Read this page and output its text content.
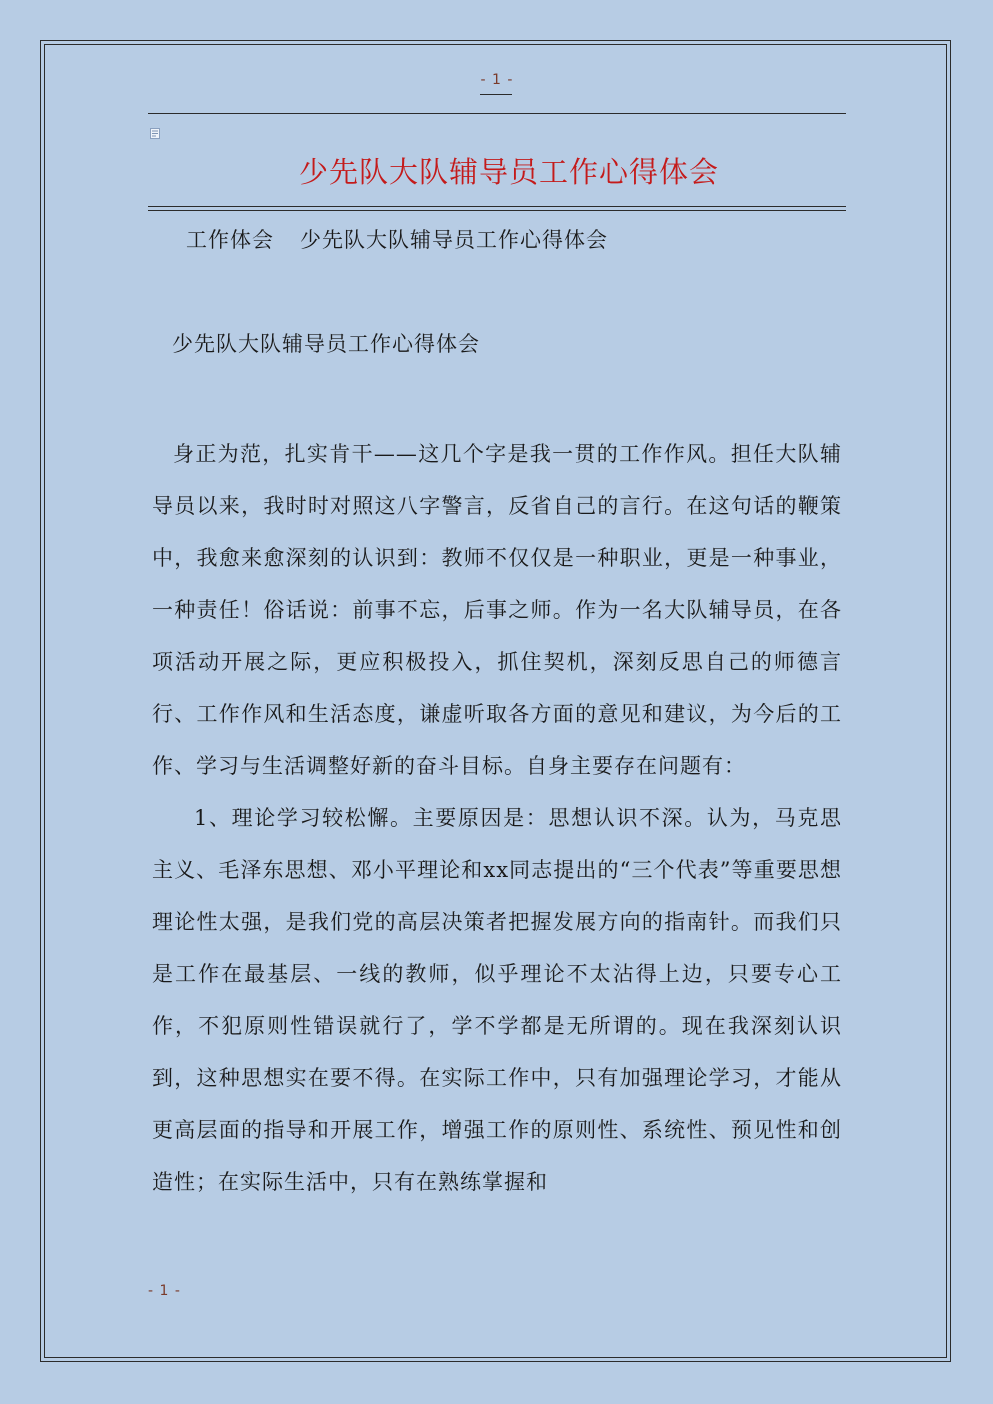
- 1 -
少先队大队辅导员工作心得体会
工作体会 少先队大队辅导员工作心得体会
少先队大队辅导员工作心得体会

身正为范，扎实肯干——这几个字是我一贯的工作作风。担任大队辅导员以来，我时时对照这八字警言，反省自己的言行。在这句话的鞭策中，我愈来愈深刻的认识到：教师不仅仅是一种职业，更是一种事业，一种责任！俗话说：前事不忘，后事之师。作为一名大队辅导员，在各项活动开展之际，更应积极投入，抓住契机，深刻反思自己的师德言行、工作作风和生活态度，谦虚听取各方面的意见和建议，为今后的工作、学习与生活调整好新的奋斗目标。自身主要存在问题有：

1、理论学习较松懈。主要原因是：思想认识不深。认为，马克思主义、毛泽东思想、邓小平理论和xx同志提出的“三个代表”等重要思想理论性太强，是我们党的高层决策者把握发展方向的指南针。而我们只是工作在最基层、一线的教师，似乎理论不太沾得上边，只要专心工作，不犯原则性错误就行了，学不学都是无所谓的。现在我深刻认识到，这种思想实在要不得。在实际工作中，只有加强理论学习，才能从更高层面的指导和开展工作，增强工作的原则性、系统性、预见性和创造性；在实际生活中，只有在熟练掌握和

- 1 -
